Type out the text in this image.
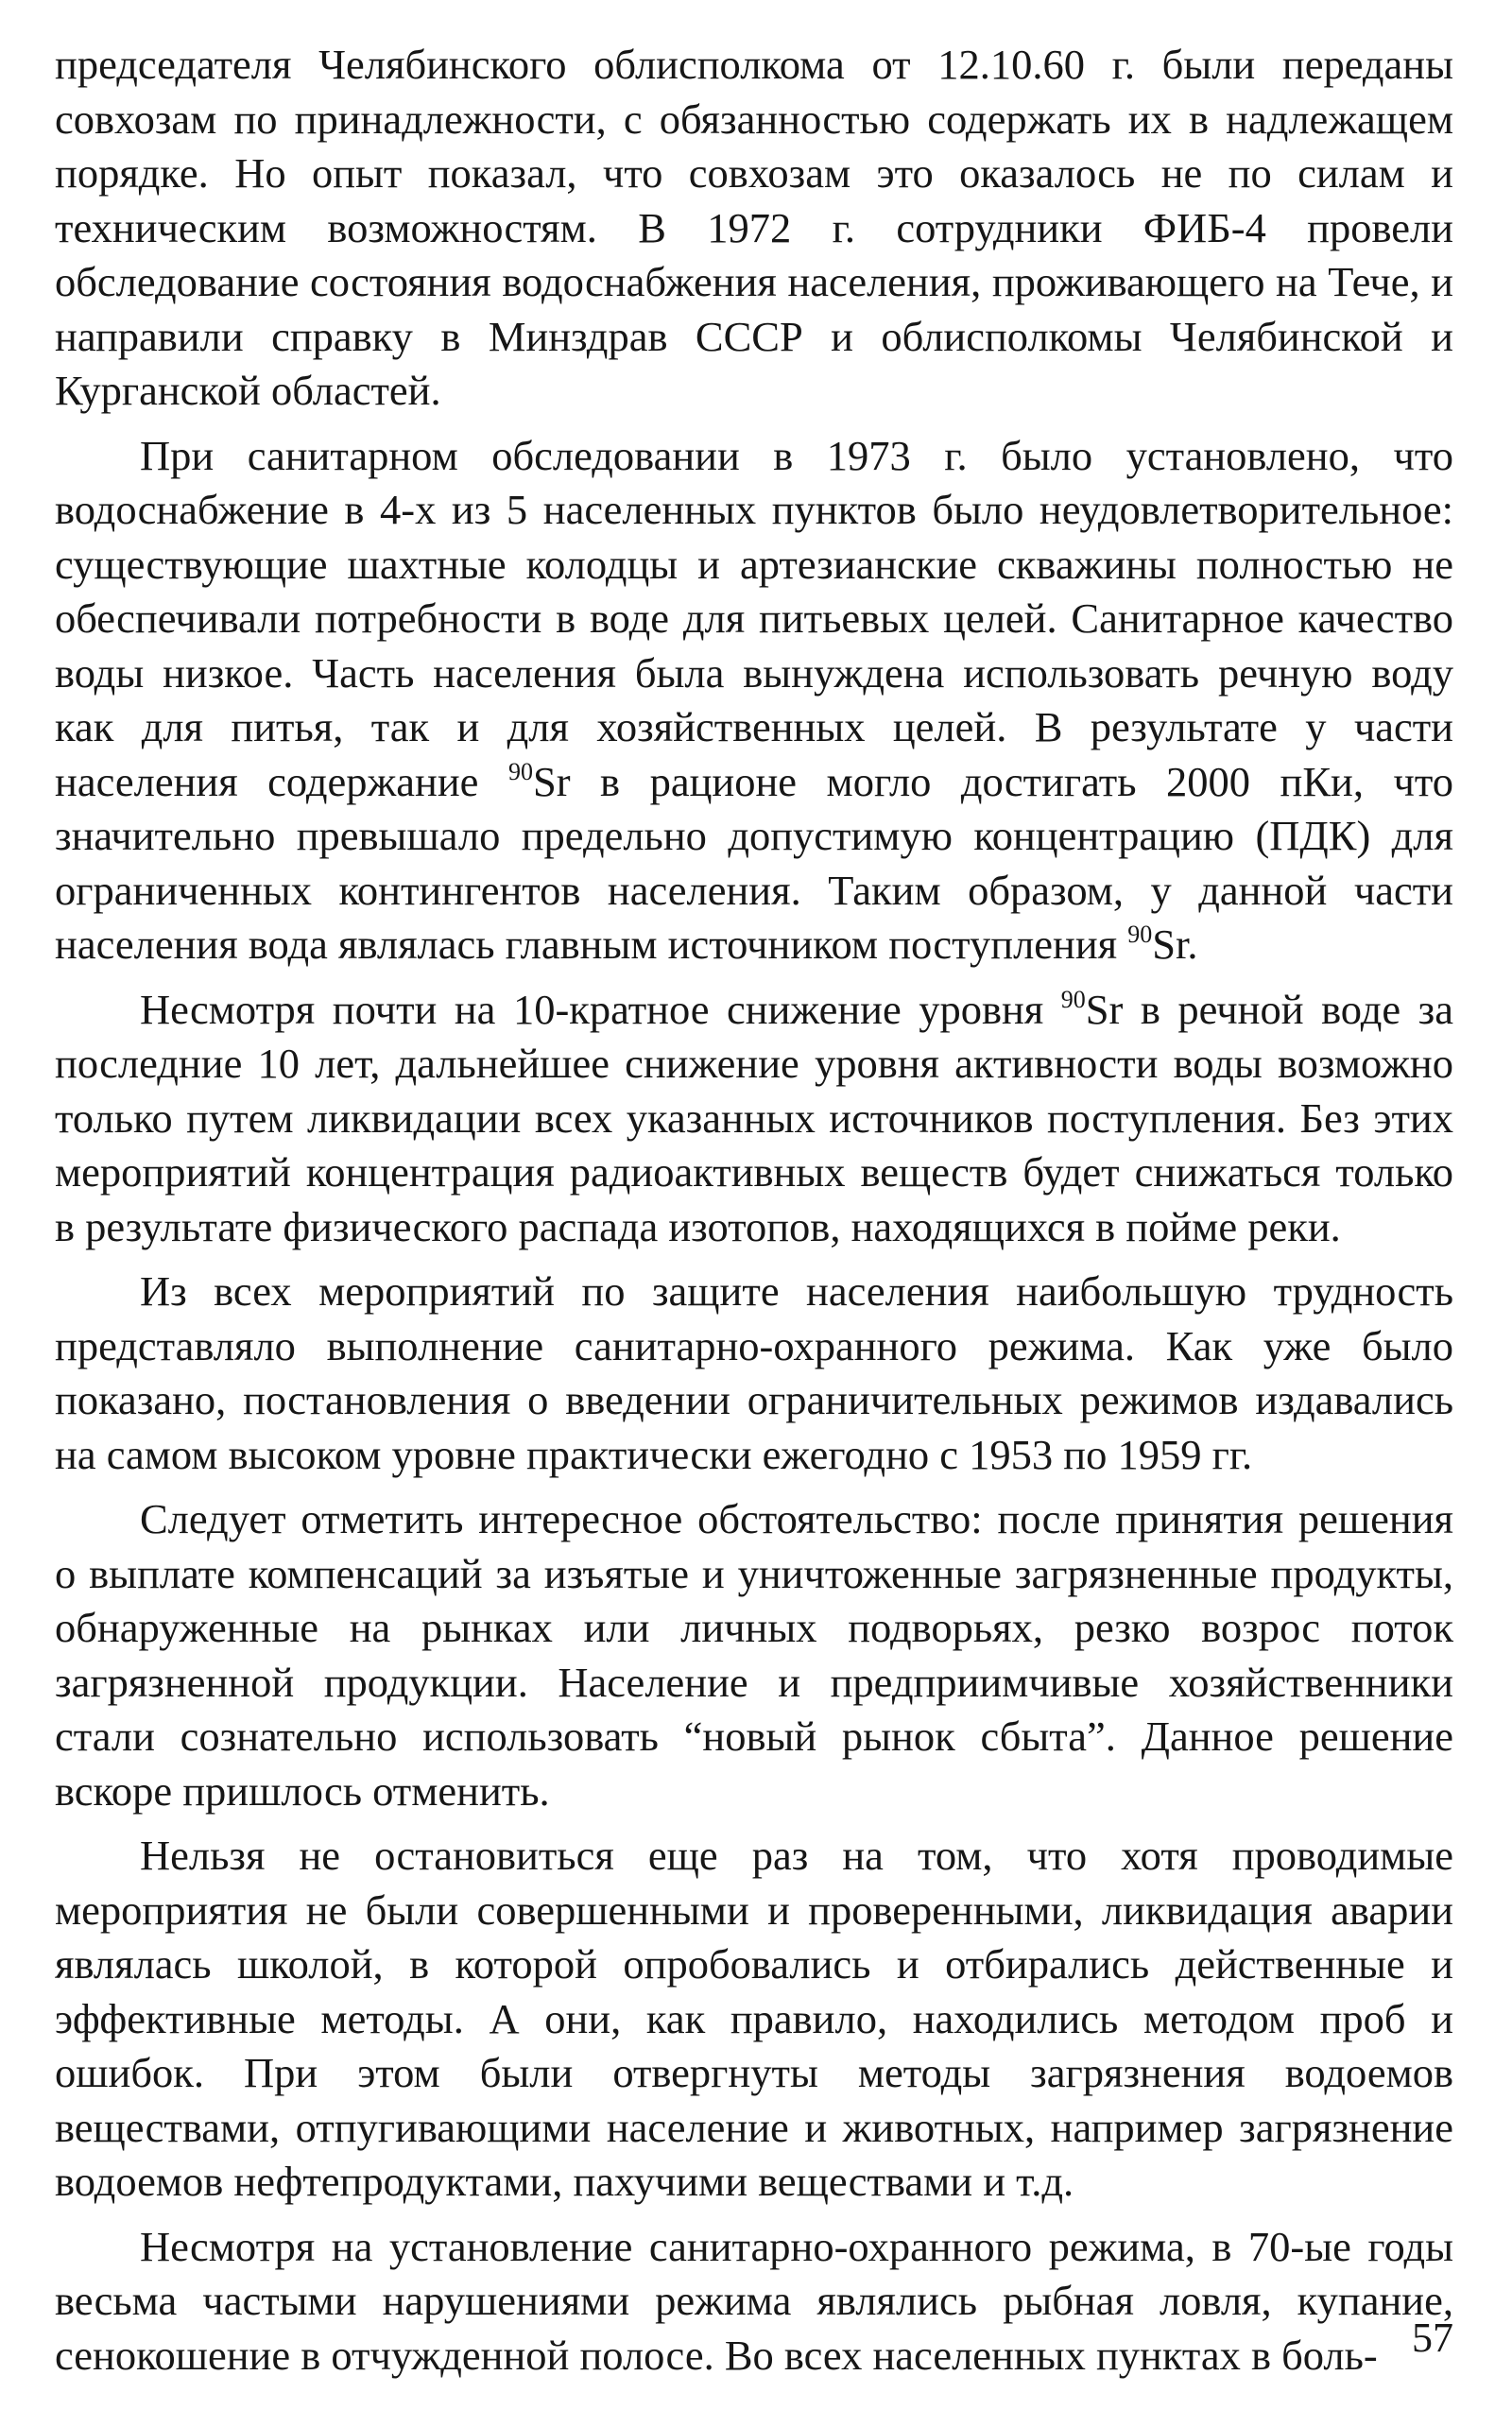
председателя Челябинского облисполкома от 12.10.60 г. были переданы совхозам по принадлежности, с обязанностью содержать их в надлежащем порядке. Но опыт показал, что совхозам это оказалось не по силам и техническим возможностям. В 1972 г. сотрудники ФИБ-4 провели обследование состояния водоснабжения населения, проживающего на Тече, и направили справку в Минздрав СССР и облисполкомы Челябинской и Курганской областей.

При санитарном обследовании в 1973 г. было установлено, что водоснабжение в 4-х из 5 населенных пунктов было неудовлетворительное: существующие шахтные колодцы и артезианские скважины полностью не обеспечивали потребности в воде для питьевых целей. Санитарное качество воды низкое. Часть населения была вынуждена использовать речную воду как для питья, так и для хозяйственных целей. В результате у части населения содержание $^{90}$Sr в рационе могло достигать 2000 пКи, что значительно превышало предельно допустимую концентрацию (ПДК) для ограниченных контингентов населения. Таким образом, у данной части населения вода являлась главным источником поступления $^{90}$Sr.

Несмотря почти на 10-кратное снижение уровня $^{90}$Sr в речной воде за последние 10 лет, дальнейшее снижение уровня активности воды возможно только путем ликвидации всех указанных источников поступления. Без этих мероприятий концентрация радиоактивных веществ будет снижаться только в результате физического распада изотопов, находящихся в пойме реки.

Из всех мероприятий по защите населения наибольшую трудность представляло выполнение санитарно-охранного режима. Как уже было показано, постановления о введении ограничительных режимов издавались на самом высоком уровне практически ежегодно с 1953 по 1959 гг.

Следует отметить интересное обстоятельство: после принятия решения о выплате компенсаций за изъятые и уничтоженные загрязненные продукты, обнаруженные на рынках или личных подворьях, резко возрос поток загрязненной продукции. Население и предприимчивые хозяйственники стали сознательно использовать “новый рынок сбыта”. Данное решение вскоре пришлось отменить.

Нельзя не остановиться еще раз на том, что хотя проводимые мероприятия не были совершенными и проверенными, ликвидация аварии являлась школой, в которой опробовались и отбирались действенные и эффективные методы. А они, как правило, находились методом проб и ошибок. При этом были отвергнуты методы загрязнения водоемов веществами, отпугивающими население и животных, например загрязнение водоемов нефтепродуктами, пахучими веществами и т.д.

Несмотря на установление санитарно-охранного режима, в 70-ые годы весьма частыми нарушениями режима являлись рыбная ловля, купание, сенокошение в отчужденной полосе. Во всех населенных пунктах в боль- 57
